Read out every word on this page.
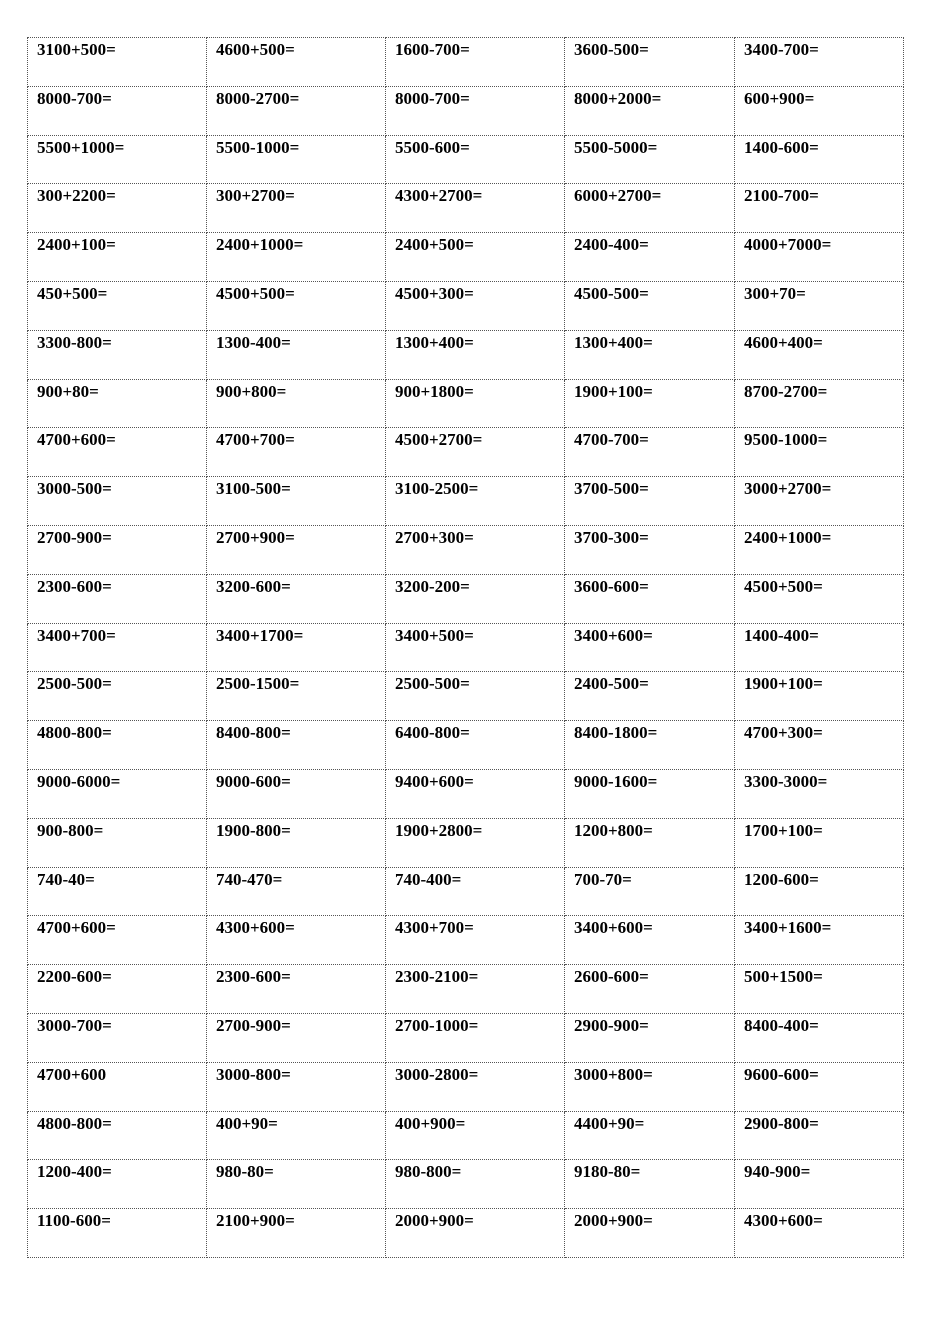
3100+500=	4600+500=	1600-700=	3600-500=	3400-700=
8000-700=	8000-2700=	8000-700=	8000+2000=	600+900=
5500+1000=	5500-1000=	5500-600=	5500-5000=	1400-600=
300+2200=	300+2700=	4300+2700=	6000+2700=	2100-700=
2400+100=	2400+1000=	2400+500=	2400-400=	4000+7000=
450+500=	4500+500=	4500+300=	4500-500=	300+70=
3300-800=	1300-400=	1300+400=	1300+400=	4600+400=
900+80=	900+800=	900+1800=	1900+100=	8700-2700=
4700+600=	4700+700=	4500+2700=	4700-700=	9500-1000=
3000-500=	3100-500=	3100-2500=	3700-500=	3000+2700=
2700-900=	2700+900=	2700+300=	3700-300=	2400+1000=
2300-600=	3200-600=	3200-200=	3600-600=	4500+500=
3400+700=	3400+1700=	3400+500=	3400+600=	1400-400=
2500-500=	2500-1500=	2500-500=	2400-500=	1900+100=
4800-800=	8400-800=	6400-800=	8400-1800=	4700+300=
9000-6000=	9000-600=	9400+600=	9000-1600=	3300-3000=
900-800=	1900-800=	1900+2800=	1200+800=	1700+100=
740-40=	740-470=	740-400=	700-70=	1200-600=
4700+600=	4300+600=	4300+700=	3400+600=	3400+1600=
2200-600=	2300-600=	2300-2100=	2600-600=	500+1500=
3000-700=	2700-900=	2700-1000=	2900-900=	8400-400=
4700+600	3000-800=	3000-2800=	3000+800=	9600-600=
4800-800=	400+90=	400+900=	4400+90=	2900-800=
1200-400=	980-80=	980-800=	9180-80=	940-900=
1100-600=	2100+900=	2000+900=	2000+900=	4300+600=
